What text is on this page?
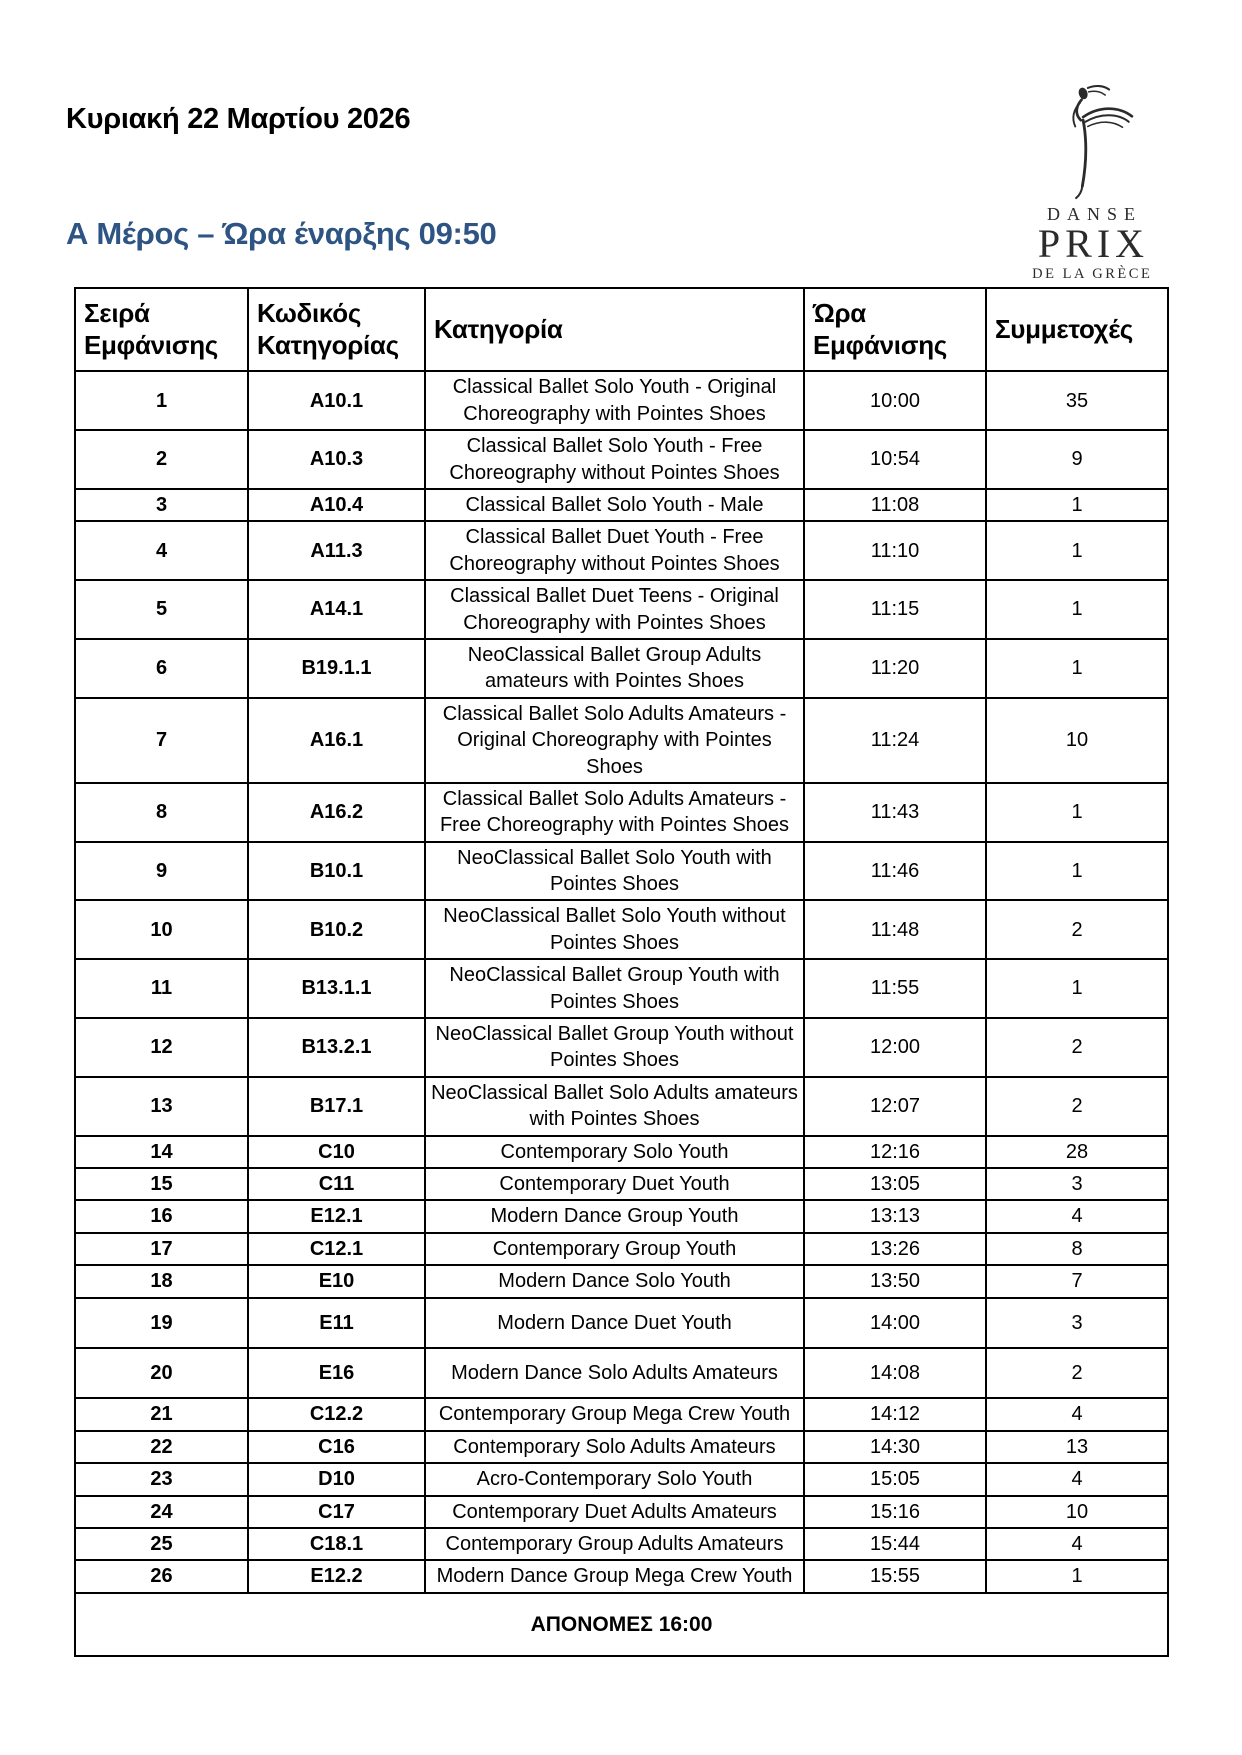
Κυριακή 22 Μαρτίου 2026
DANSE
PRIX
DE LA GRÈCE
Α Μέρος – Ώρα έναρξης 09:50
Σειρά Εμφάνισης	Κωδικός Κατηγορίας	Κατηγορία	Ώρα Εμφάνισης	Συμμετοχές
1	A10.1	Classical Ballet Solo Youth - Original Choreography with Pointes Shoes	10:00	35
2	A10.3	Classical Ballet Solo Youth - Free Choreography without Pointes Shoes	10:54	9
3	A10.4	Classical Ballet Solo Youth - Male	11:08	1
4	A11.3	Classical Ballet Duet Youth - Free Choreography without Pointes Shoes	11:10	1
5	A14.1	Classical Ballet Duet Teens - Original Choreography with Pointes Shoes	11:15	1
6	B19.1.1	NeoClassical Ballet Group Adults amateurs with Pointes Shoes	11:20	1
7	A16.1	Classical Ballet Solo Adults Amateurs - Original Choreography with Pointes Shoes	11:24	10
8	A16.2	Classical Ballet Solo Adults Amateurs - Free Choreography with Pointes Shoes	11:43	1
9	B10.1	NeoClassical Ballet Solo Youth with Pointes Shoes	11:46	1
10	B10.2	NeoClassical Ballet Solo Youth without Pointes Shoes	11:48	2
11	B13.1.1	NeoClassical Ballet Group Youth with Pointes Shoes	11:55	1
12	B13.2.1	NeoClassical Ballet Group Youth without Pointes Shoes	12:00	2
13	B17.1	NeoClassical Ballet Solo Adults amateurs with Pointes Shoes	12:07	2
14	C10	Contemporary Solo Youth	12:16	28
15	C11	Contemporary Duet Youth	13:05	3
16	E12.1	Modern Dance Group Youth	13:13	4
17	C12.1	Contemporary Group Youth	13:26	8
18	E10	Modern Dance Solo Youth	13:50	7
19	E11	Modern Dance Duet Youth	14:00	3
20	E16	Modern Dance Solo Adults Amateurs	14:08	2
21	C12.2	Contemporary Group Mega Crew Youth	14:12	4
22	C16	Contemporary Solo Adults Amateurs	14:30	13
23	D10	Acro-Contemporary Solo Youth	15:05	4
24	C17	Contemporary Duet Adults Amateurs	15:16	10
25	C18.1	Contemporary Group Adults Amateurs	15:44	4
26	E12.2	Modern Dance Group Mega Crew Youth	15:55	1
ΑΠΟΝΟΜΕΣ 16:00				
